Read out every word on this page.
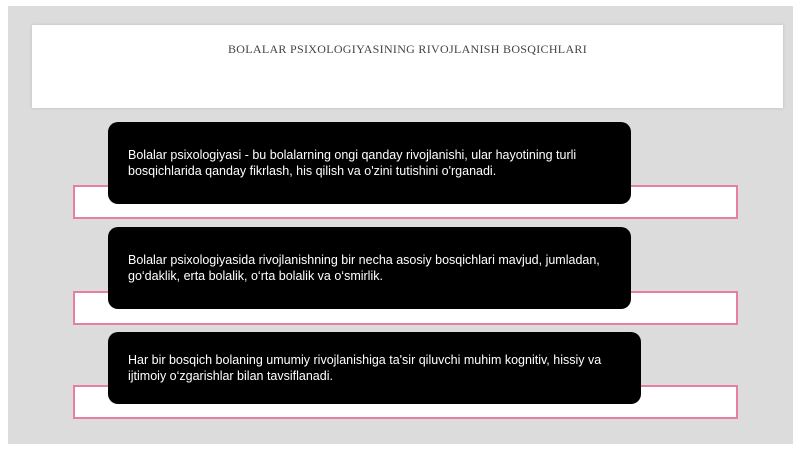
BOLALAR PSIXOLOGIYASINING RIVOJLANISH BOSQICHLARI
Bolalar psixologiyasi - bu bolalarning ongi qanday rivojlanishi, ular hayotining turli bosqichlarida qanday fikrlash, his qilish va o'zini tutishini o'rganadi.
Bolalar psixologiyasida rivojlanishning bir necha asosiy bosqichlari mavjud, jumladan, go‘daklik, erta bolalik, o‘rta bolalik va o‘smirlik.
Har bir bosqich bolaning umumiy rivojlanishiga ta'sir qiluvchi muhim kognitiv, hissiy va ijtimoiy o‘zgarishlar bilan tavsiflanadi.
